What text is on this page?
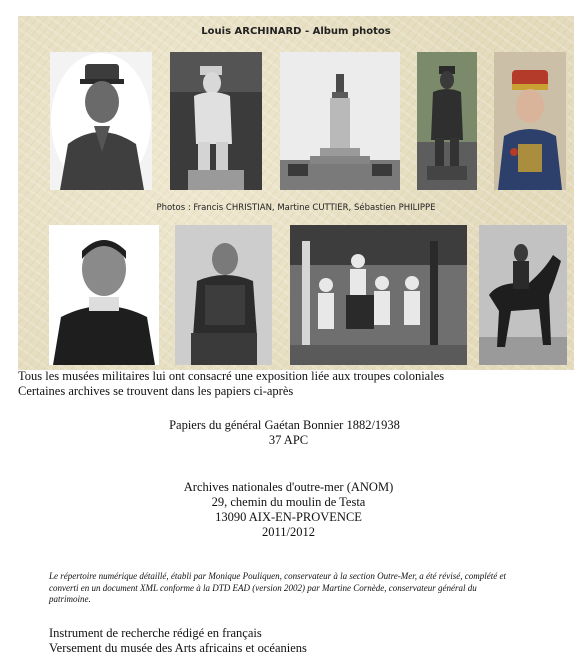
Louis ARCHINARD - Album photos
Photos : Francis CHRISTIAN, Martine CUTTIER, Sébastien PHILIPPE
Tous les musées militaires lui ont consacré une exposition liée aux troupes coloniales
Certaines archives se trouvent dans les papiers ci-après
Papiers du général Gaétan Bonnier 1882/1938
37 APC
Archives nationales d'outre-mer (ANOM)
29, chemin du moulin de Testa
13090 AIX-EN-PROVENCE
2011/2012
Le répertoire numérique détaillé, établi par Monique Pouliquen, conservateur à la section Outre-Mer, a été révisé, complété et converti en un document XML conforme à la DTD EAD (version 2002) par Martine Cornède, conservateur général du patrimoine.
Instrument de recherche rédigé en français
Versement du musée des Arts africains et océaniens
